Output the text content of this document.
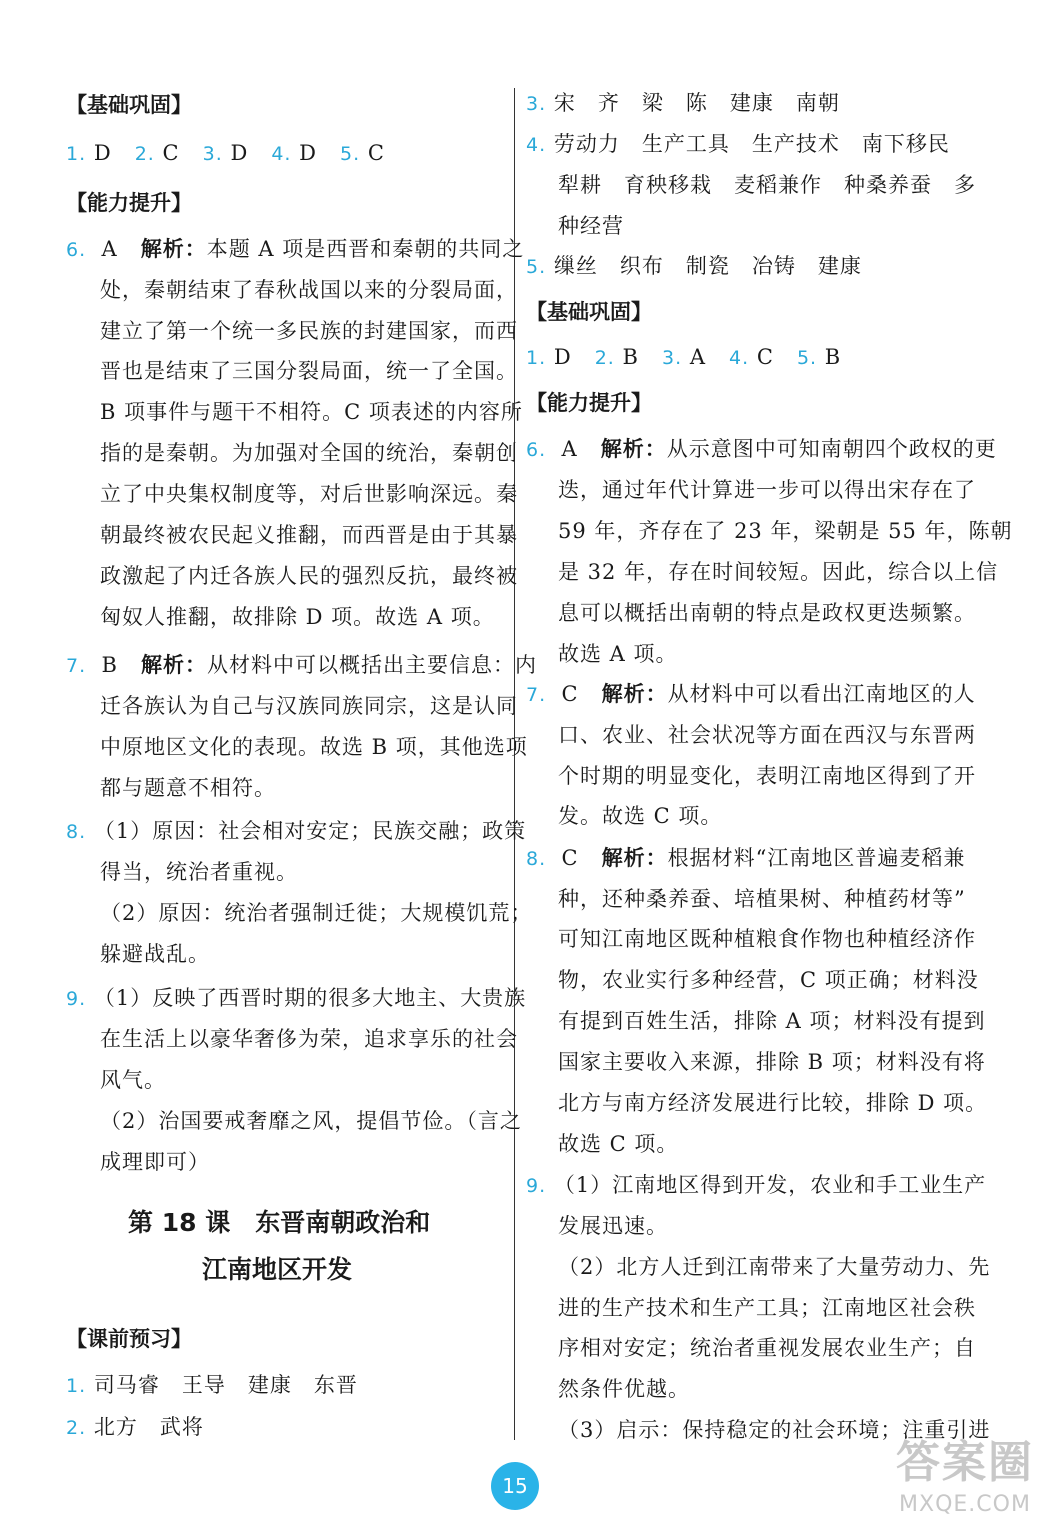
【基础巩固】
1. D 2. C 3. D 4. D 5. C
【能力提升】
6. A 解析：本题 A 项是西晋和秦朝的共同之
处，秦朝结束了春秋战国以来的分裂局面，
建立了第一个统一多民族的封建国家，而西
晋也是结束了三国分裂局面，统一了全国。
B 项事件与题干不相符。C 项表述的内容所
指的是秦朝。为加强对全国的统治，秦朝创
立了中央集权制度等，对后世影响深远。秦
朝最终被农民起义推翻，而西晋是由于其暴
政激起了内迁各族人民的强烈反抗，最终被
匈奴人推翻，故排除 D 项。故选 A 项。
7. B 解析：从材料中可以概括出主要信息：内
迁各族认为自己与汉族同族同宗，这是认同
中原地区文化的表现。故选 B 项，其他选项
都与题意不相符。
8. （1）原因：社会相对安定；民族交融；政策
得当，统治者重视。
（2）原因：统治者强制迁徙；大规模饥荒；
躲避战乱。
9. （1）反映了西晋时期的很多大地主、大贵族
在生活上以豪华奢侈为荣，追求享乐的社会
风气。
（2）治国要戒奢靡之风，提倡节俭。（言之
成理即可）
第 18 课　东晋南朝政治和
江南地区开发
【课前预习】
1. 司马睿　王导　建康　东晋
2. 北方　武将
3. 宋　齐　梁　陈　建康　南朝
4. 劳动力　生产工具　生产技术　南下移民
犁耕　育秧移栽　麦稻兼作　种桑养蚕　多
种经营
5. 缫丝　织布　制瓷　冶铸　建康
【基础巩固】
1. D 2. B 3. A 4. C 5. B
【能力提升】
6. A 解析：从示意图中可知南朝四个政权的更
迭，通过年代计算进一步可以得出宋存在了
59 年，齐存在了 23 年，梁朝是 55 年，陈朝
是 32 年，存在时间较短。因此，综合以上信
息可以概括出南朝的特点是政权更迭频繁。
故选 A 项。
7. C 解析：从材料中可以看出江南地区的人
口、农业、社会状况等方面在西汉与东晋两
个时期的明显变化，表明江南地区得到了开
发。故选 C 项。
8. C 解析：根据材料“江南地区普遍麦稻兼
种，还种桑养蚕、培植果树、种植药材等”
可知江南地区既种植粮食作物也种植经济作
物，农业实行多种经营，C 项正确；材料没
有提到百姓生活，排除 A 项；材料没有提到
国家主要收入来源，排除 B 项；材料没有将
北方与南方经济发展进行比较，排除 D 项。
故选 C 项。
9. （1）江南地区得到开发，农业和手工业生产
发展迅速。
（2）北方人迁到江南带来了大量劳动力、先
进的生产技术和生产工具；江南地区社会秩
序相对安定；统治者重视发展农业生产；自
然条件优越。
（3）启示：保持稳定的社会环境；注重引进
15	答案圈
MXQE.COM
